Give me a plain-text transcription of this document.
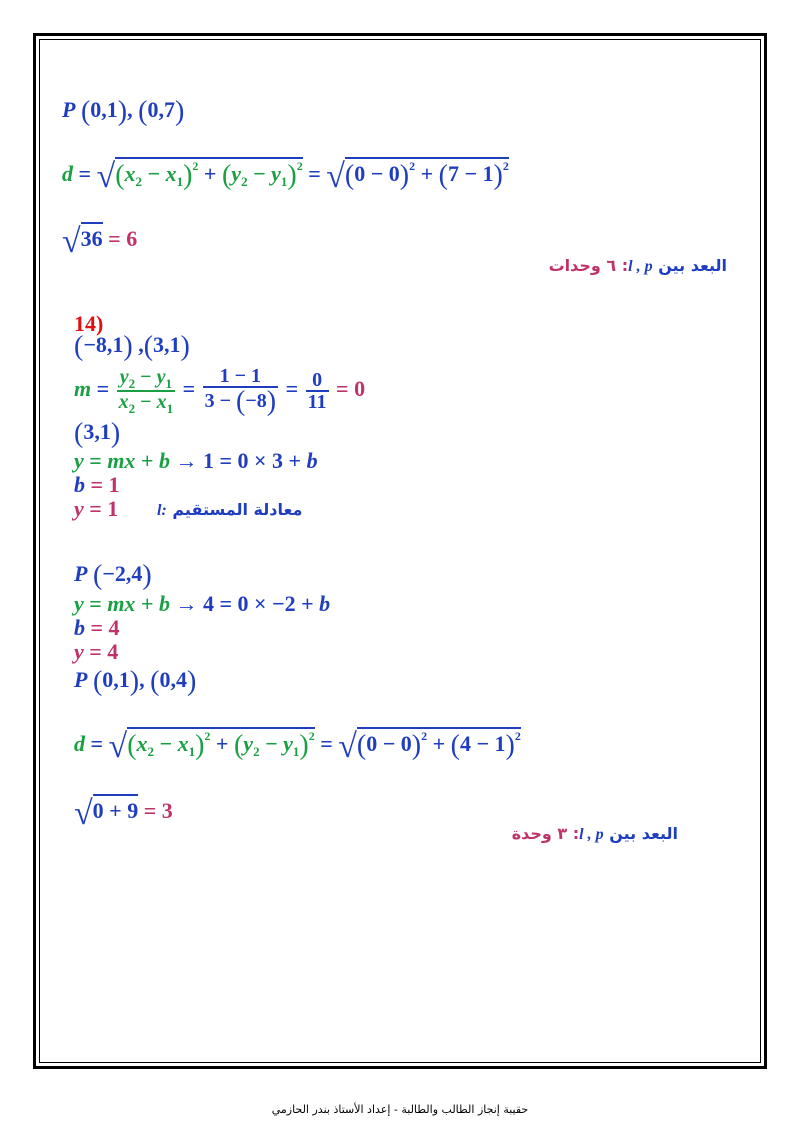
P (0,1), (0,7)
$d = √(x_2 - x_1)^2 + (y_2 - y_1)^2 = √(0 - 0)^2 + (7 - 1)^2$
√36 = 6
البعد بين l , p: ٦ وحدات
14)
(−8,1) ,(3,1)
$m = \frac{y_2 - y_1}{x_2 - x_1} = \frac{1 - 1}{3 - (-8)} = \frac{0}{11} = 0$
(3,1)
y = mx + b → 1 = 0 × 3 + b
b = 1
y = 1	معادلة المستقيم l:
P (−2,4)
y = mx + b → 4 = 0 × −2 + b
b = 4
y = 4
P (0,1), (0,4)
$d = √(x_2 - x_1)^2 + (y_2 - y_1)^2 = √(0 - 0)^2 + (4 - 1)^2$
√0 + 9 = 3
البعد بين l , p: ٣ وحدة
حقيبة إنجاز الطالب والطالبة - إعداد الأستاذ بندر الحازمي
